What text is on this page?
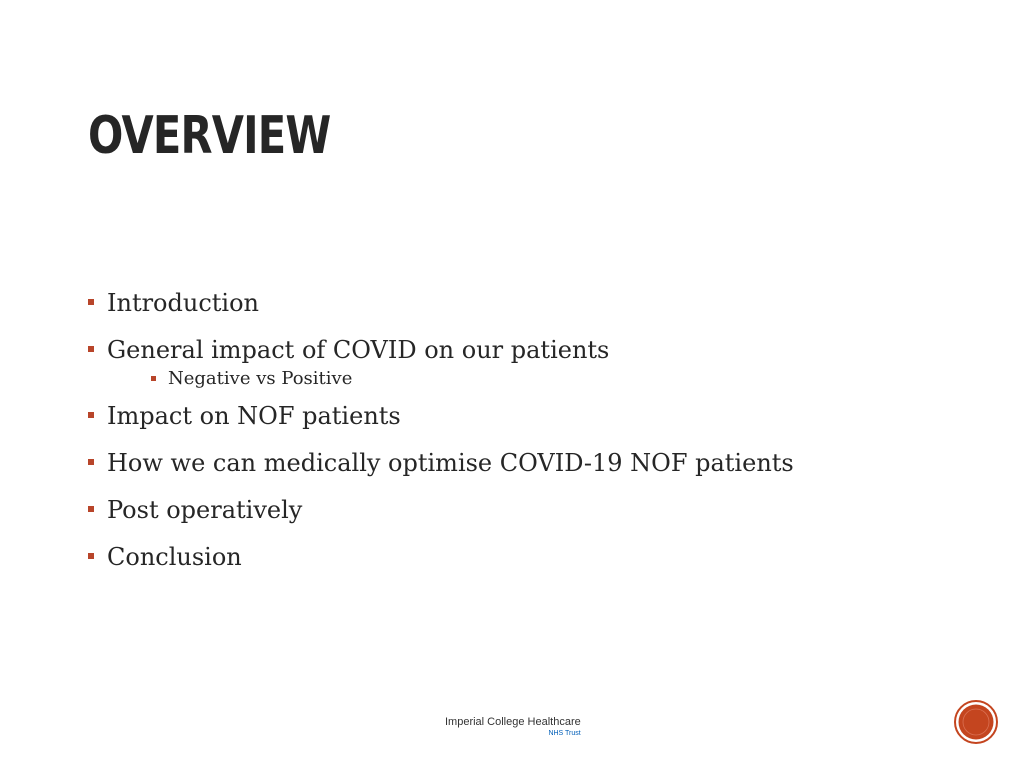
OVERVIEW
Introduction
General impact of COVID on our patients
Negative vs Positive
Impact on NOF patients
How we can medically optimise COVID-19 NOF patients
Post operatively
Conclusion
Imperial College Healthcare
NHS Trust
